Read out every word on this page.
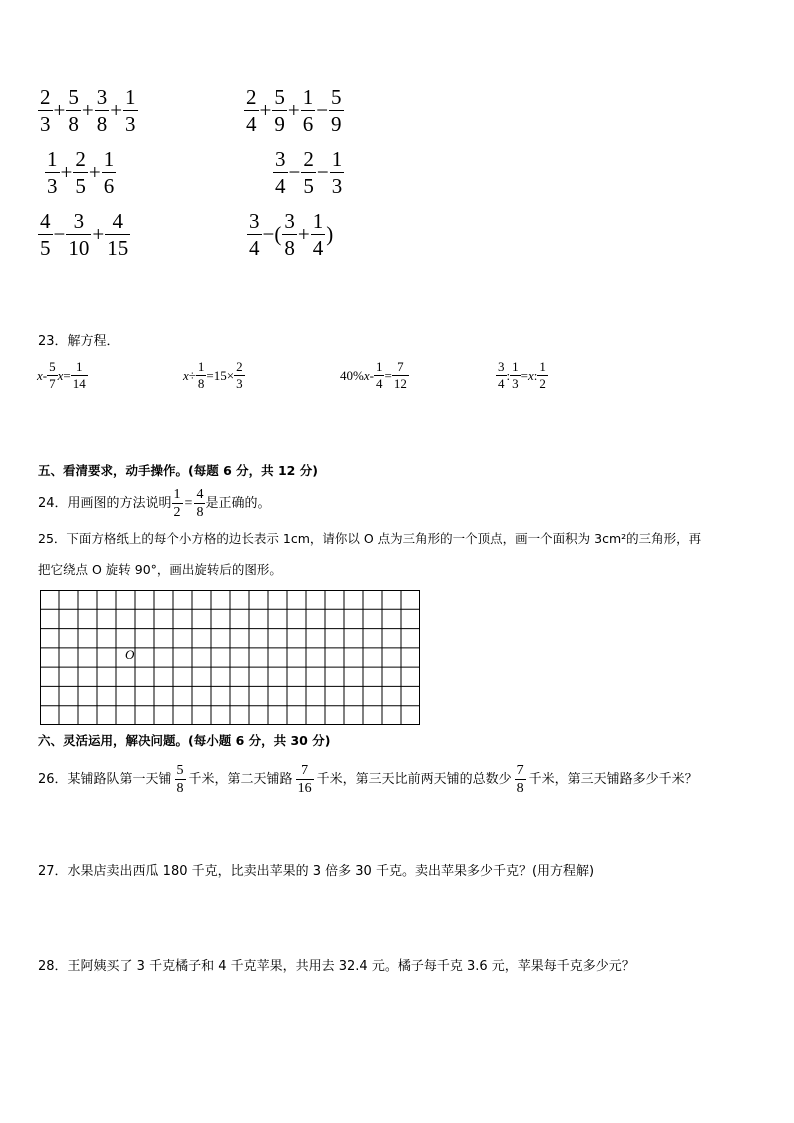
$\frac{2}{3} + \frac{5}{8} + \frac{3}{8} + \frac{1}{3}$	$\frac{2}{4} + \frac{5}{9} + \frac{1}{6} - \frac{5}{9}$
$\frac{1}{3} + \frac{2}{5} + \frac{1}{6}$	$\frac{3}{4} - \frac{2}{5} - \frac{1}{3}$
$\frac{4}{5} - \frac{3}{10} + \frac{4}{15}$	$\frac{3}{4}$ −( $\frac{3}{8} + \frac{1}{4}$ )
23．解方程．
x - $\frac{5}{7}$ $x = \frac{1}{14}$	$x \div \frac{1}{8} =15\times \frac{2}{3}$	40% $x - \frac{1}{4} = \frac{7}{12}$	$\frac{3}{4}$ : $\frac{1}{3} = x$ : $\frac{1}{2}$
五、看清要求，动手操作。(每题 6 分，共 12 分)
24．用画图的方法说明 $\frac{1}{2} = \frac{4}{8}$ 是正确的。
25．下面方格纸上的每个小方格的边长表示 1cm，请你以 O 点为三角形的一个顶点，画一个面积为 3cm²的三角形，再
把它绕点 O 旋转 90°，画出旋转后的图形。
O
六、灵活运用，解决问题。(每小题 6 分，共 30 分)
26．某铺路队第一天铺 $\frac{5}{8}$ 千米，第二天铺路 $\frac{7}{16}$ 千米，第三天比前两天铺的总数少 $\frac{7}{8}$ 千米，第三天铺路多少千米？
27．水果店卖出西瓜 180 千克，比卖出苹果的 3 倍多 30 千克。卖出苹果多少千克？(用方程解)
28．王阿姨买了 3 千克橘子和 4 千克苹果，共用去 32.4 元。橘子每千克 3.6 元，苹果每千克多少元？
